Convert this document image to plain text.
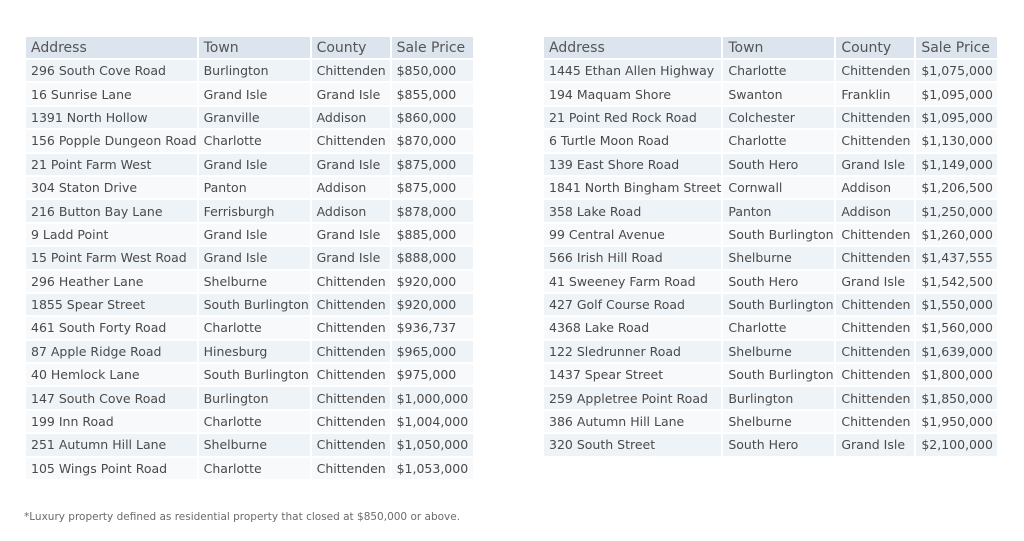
Address	Town	County	Sale Price
296 South Cove Road	Burlington	Chittenden	$850,000
16 Sunrise Lane	Grand Isle	Grand Isle	$855,000
1391 North Hollow	Granville	Addison	$860,000
156 Popple Dungeon Road	Charlotte	Chittenden	$870,000
21 Point Farm West	Grand Isle	Grand Isle	$875,000
304 Staton Drive	Panton	Addison	$875,000
216 Button Bay Lane	Ferrisburgh	Addison	$878,000
9 Ladd Point	Grand Isle	Grand Isle	$885,000
15 Point Farm West Road	Grand Isle	Grand Isle	$888,000
296 Heather Lane	Shelburne	Chittenden	$920,000
1855 Spear Street	South Burlington	Chittenden	$920,000
461 South Forty Road	Charlotte	Chittenden	$936,737
87 Apple Ridge Road	Hinesburg	Chittenden	$965,000
40 Hemlock Lane	South Burlington	Chittenden	$975,000
147 South Cove Road	Burlington	Chittenden	$1,000,000
199 Inn Road	Charlotte	Chittenden	$1,004,000
251 Autumn Hill Lane	Shelburne	Chittenden	$1,050,000
105 Wings Point Road	Charlotte	Chittenden	$1,053,000
Address	Town	County	Sale Price
1445 Ethan Allen Highway	Charlotte	Chittenden	$1,075,000
194 Maquam Shore	Swanton	Franklin	$1,095,000
21 Point Red Rock Road	Colchester	Chittenden	$1,095,000
6 Turtle Moon Road	Charlotte	Chittenden	$1,130,000
139 East Shore Road	South Hero	Grand Isle	$1,149,000
1841 North Bingham Street	Cornwall	Addison	$1,206,500
358 Lake Road	Panton	Addison	$1,250,000
99 Central Avenue	South Burlington	Chittenden	$1,260,000
566 Irish Hill Road	Shelburne	Chittenden	$1,437,555
41 Sweeney Farm Road	South Hero	Grand Isle	$1,542,500
427 Golf Course Road	South Burlington	Chittenden	$1,550,000
4368 Lake Road	Charlotte	Chittenden	$1,560,000
122 Sledrunner Road	Shelburne	Chittenden	$1,639,000
1437 Spear Street	South Burlington	Chittenden	$1,800,000
259 Appletree Point Road	Burlington	Chittenden	$1,850,000
386 Autumn Hill Lane	Shelburne	Chittenden	$1,950,000
320 South Street	South Hero	Grand Isle	$2,100,000
*Luxury property defined as residential property that closed at $850,000 or above.
